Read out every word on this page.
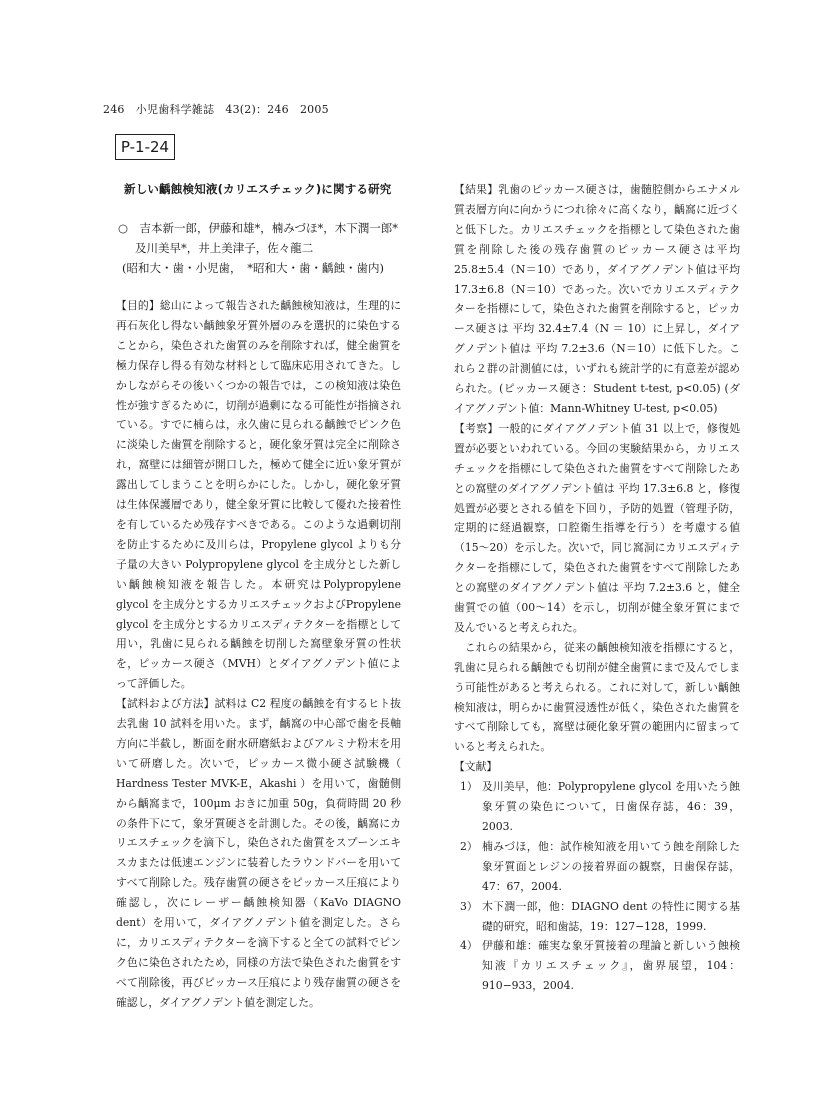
246　小児歯科学雑誌　43(2)：246　2005
P-1-24
新しい齲蝕検知液(カリエスチェック)に関する研究
○　吉本新一郎，伊藤和雄*，楠みづほ*，木下潤一郎*
及川美早*，井上美津子，佐々龍二
(昭和大・歯・小児歯，　*昭和大・歯・齲蝕・歯内)

【目的】総山によって報告された齲蝕検知液は，生理的に再石灰化し得ない齲蝕象牙質外層のみを選択的に染色することから，染色された歯質のみを削除すれば，健全歯質を極力保存し得る有効な材料として臨床応用されてきた。しかしながらその後いくつかの報告では，この検知液は染色性が強すぎるために，切削が過剰になる可能性が指摘されている。すでに楠らは，永久歯に見られる齲蝕でピンク色に淡染した歯質を削除すると，硬化象牙質は完全に削除され，窩壁には細管が開口した，極めて健全に近い象牙質が露出してしまうことを明らかにした。しかし，硬化象牙質は生体保護層であり，健全象牙質に比較して優れた接着性を有しているため残存すべきである。このような過剰切削を防止するために及川らは，Propylene glycol よりも分子量の大きい Polypropylene glycol を主成分とした新しい齲蝕検知液を報告した。本研究はPolypropylene glycol を主成分とするカリエスチェックおよびPropylene glycol を主成分とするカリエスディテクターを指標として用い，乳歯に見られる齲蝕を切削した窩壁象牙質の性状を，ピッカース硬さ（MVH）とダイアグノデント値によって評価した。

【試料および方法】試料は C2 程度の齲蝕を有するヒト抜去乳歯 10 試料を用いた。まず，齲窩の中心部で歯を長軸方向に半截し，断面を耐水研磨紙およびアルミナ粉末を用いて研磨した。次いで，ピッカース微小硬さ試験機（ Hardness Tester MVK-E，Akashi ）を用いて，歯髄側から齲窩まで，100μm おきに加重 50g，負荷時間 20 秒の条件下にて，象牙質硬さを計測した。その後，齲窩にカリエスチェックを滴下し，染色された歯質をスプーンエキスカまたは低速エンジンに装着したラウンドバーを用いてすべて削除した。残存歯質の硬さをピッカース圧痕により確認し，次にレーザー齲蝕検知器（KaVo DIAGNO dent）を用いて，ダイアグノデント値を測定した。さらに，カリエスディテクターを滴下すると全ての試料でピンク色に染色されたため，同様の方法で染色された歯質をすべて削除後，再びピッカース圧痕により残存歯質の硬さを確認し，ダイアグノデント値を測定した。

【結果】乳歯のピッカース硬さは，歯髄腔側からエナメル質表層方向に向かうにつれ徐々に高くなり，齲窩に近づくと低下した。カリエスチェックを指標として染色された歯質を削除した後の残存歯質のピッカース硬さは平均 25.8±5.4（N＝10）であり，ダイアグノデント値は平均 17.3±6.8（N＝10）であった。次いでカリエスディテクターを指標にして，染色された歯質を削除すると，ピッカース硬さは 平均 32.4±7.4（N ＝ 10）に上昇し，ダイアグノデント値は 平均 7.2±3.6（N＝10）に低下した。これら２群の計測値には，いずれも統計学的に有意差が認められた。(ピッカース硬さ：Student t-test, p<0.05) (ダイアグノデント値：Mann-Whitney U-test, p<0.05)

【考察】一般的にダイアグノデント値 31 以上で，修復処置が必要といわれている。今回の実験結果から，カリエスチェックを指標にして染色された歯質をすべて削除したあとの窩壁のダイアグノデント値は 平均 17.3±6.8 と，修復処置が必要とされる値を下回り，予防的処置（管理予防，定期的に経過観察，口腔衛生指導を行う）を考慮する値（15〜20）を示した。次いで，同じ窩洞にカリエスディテクターを指標にして，染色された歯質をすべて削除したあとの窩壁のダイアグノデント値は 平均 7.2±3.6 と，健全歯質での値（00〜14）を示し，切削が健全象牙質にまで及んでいると考えられた。

これらの結果から，従来の齲蝕検知液を指標にすると，乳歯に見られる齲蝕でも切削が健全歯質にまで及んでしまう可能性があると考えられる。これに対して，新しい齲蝕検知液は，明らかに歯質浸透性が低く，染色された歯質をすべて削除しても，窩壁は硬化象牙質の範囲内に留まっていると考えられた。

【文献】

1） 及川美早，他：Polypropylene glycol を用いたう蝕象牙質の染色について，日歯保存誌，46：39，2003.
2） 楠みづほ，他：試作検知液を用いてう蝕を削除した象牙質面とレジンの接着界面の観察，日歯保存誌，47：67，2004.
3） 木下潤一郎，他：DIAGNO dent の特性に関する基礎的研究，昭和歯誌，19：127−128，1999.
4） 伊藤和雄：確実な象牙質接着の理論と新しいう蝕検知液『カリエスチェック』，歯界展望，104：910−933，2004.
